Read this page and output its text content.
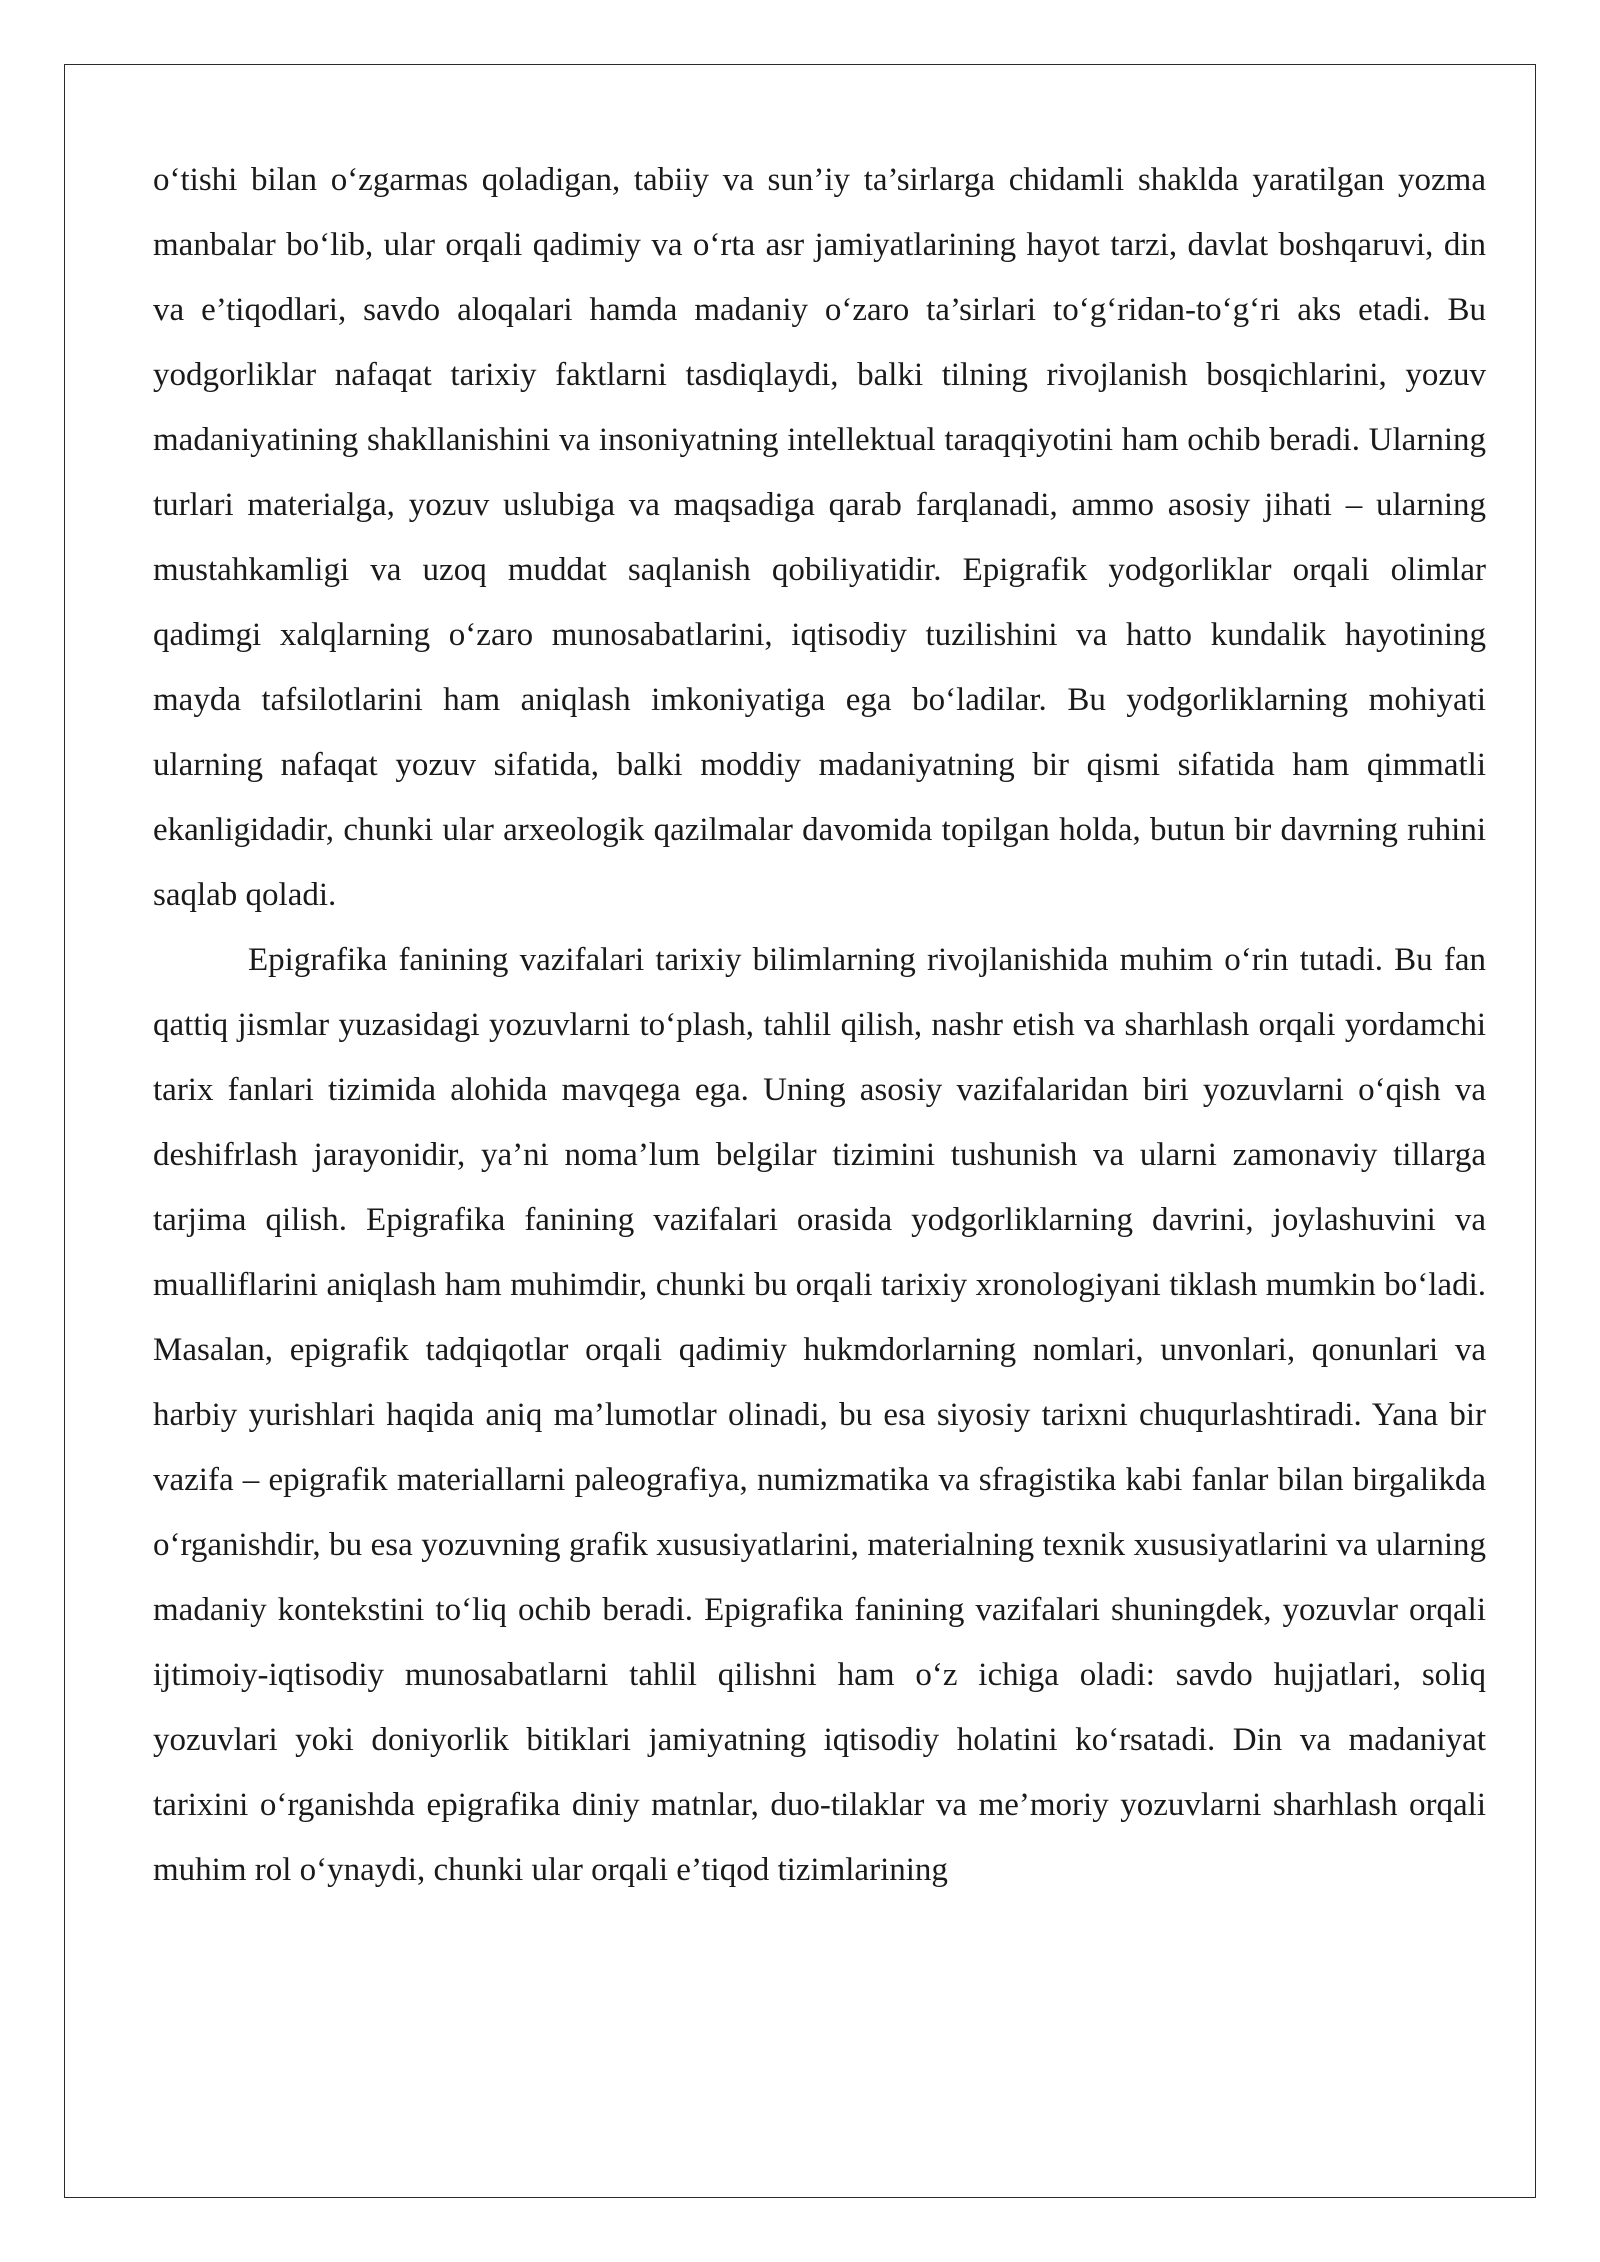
o‘tishi bilan o‘zgarmas qoladigan, tabiiy va sun’iy ta’sirlarga chidamli shaklda yaratilgan yozma manbalar bo‘lib, ular orqali qadimiy va o‘rta asr jamiyatlarining hayot tarzi, davlat boshqaruvi, din va e’tiqodlari, savdo aloqalari hamda madaniy o‘zaro ta’sirlari to‘g‘ridan-to‘g‘ri aks etadi. Bu yodgorliklar nafaqat tarixiy faktlarni tasdiqlaydi, balki tilning rivojlanish bosqichlarini, yozuv madaniyatining shakllanishini va insoniyatning intellektual taraqqiyotini ham ochib beradi. Ularning turlari materialga, yozuv uslubiga va maqsadiga qarab farqlanadi, ammo asosiy jihati – ularning mustahkamligi va uzoq muddat saqlanish qobiliyatidir. Epigrafik yodgorliklar orqali olimlar qadimgi xalqlarning o‘zaro munosabatlarini, iqtisodiy tuzilishini va hatto kundalik hayotining mayda tafsilotlarini ham aniqlash imkoniyatiga ega bo‘ladilar. Bu yodgorliklarning mohiyati ularning nafaqat yozuv sifatida, balki moddiy madaniyatning bir qismi sifatida ham qimmatli ekanligidadir, chunki ular arxeologik qazilmalar davomida topilgan holda, butun bir davrning ruhini saqlab qoladi.

Epigrafika fanining vazifalari tarixiy bilimlarning rivojlanishida muhim o‘rin tutadi. Bu fan qattiq jismlar yuzasidagi yozuvlarni to‘plash, tahlil qilish, nashr etish va sharhlash orqali yordamchi tarix fanlari tizimida alohida mavqega ega. Uning asosiy vazifalaridan biri yozuvlarni o‘qish va deshifrlash jarayonidir, ya’ni noma’lum belgilar tizimini tushunish va ularni zamonaviy tillarga tarjima qilish. Epigrafika fanining vazifalari orasida yodgorliklarning davrini, joylashuvini va mualliflarini aniqlash ham muhimdir, chunki bu orqali tarixiy xronologiyani tiklash mumkin bo‘ladi. Masalan, epigrafik tadqiqotlar orqali qadimiy hukmdorlarning nomlari, unvonlari, qonunlari va harbiy yurishlari haqida aniq ma’lumotlar olinadi, bu esa siyosiy tarixni chuqurlashtiradi. Yana bir vazifa – epigrafik materiallarni paleografiya, numizmatika va sfragistika kabi fanlar bilan birgalikda o‘rganishdir, bu esa yozuvning grafik xususiyatlarini, materialning texnik xususiyatlarini va ularning madaniy kontekstini to‘liq ochib beradi. Epigrafika fanining vazifalari shuningdek, yozuvlar orqali ijtimoiy-iqtisodiy munosabatlarni tahlil qilishni ham o‘z ichiga oladi: savdo hujjatlari, soliq yozuvlari yoki doniyorlik bitiklari jamiyatning iqtisodiy holatini ko‘rsatadi. Din va madaniyat tarixini o‘rganishda epigrafika diniy matnlar, duo-tilaklar va me’moriy yozuvlarni sharhlash orqali muhim rol o‘ynaydi, chunki ular orqali e’tiqod tizimlarining
